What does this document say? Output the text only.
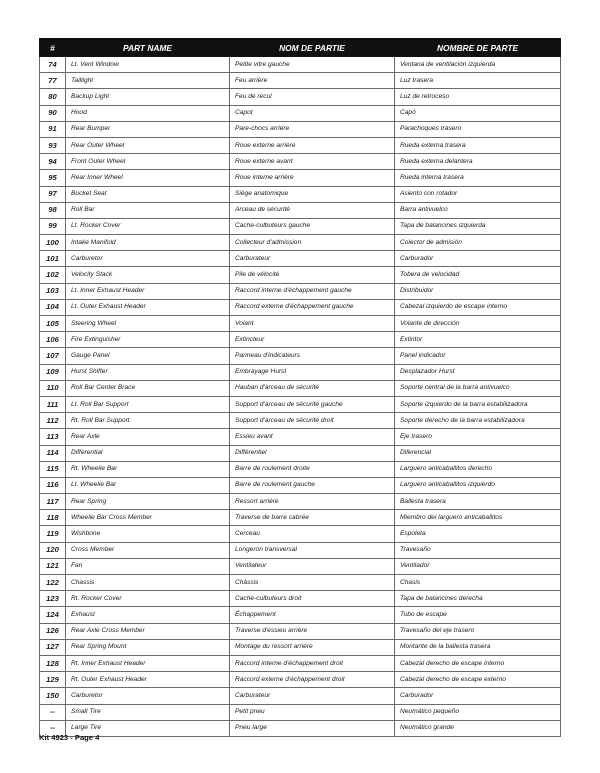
#	PART NAME	NOM DE PARTIE	NOMBRE DE PARTE
74	Lt. Vent Window	Petite vitre gauche	Ventana de ventilación izquierda
77	Taillight	Feu arrière	Luz trasera
80	Backup Light	Feu de recul	Luz de retroceso
90	Hood	Capot	Capó
91	Rear Bumper	Pare-chocs arrière	Parachoques trasero
93	Rear Outer Wheel	Roue externe arrière	Rueda externa trasera
94	Front Outer Wheel	Roue externe avant	Rueda externa delantera
95	Rear Inner Wheel	Roue interne arrière	Rueda interna trasera
97	Bucket Seat	Siège anatomique	Asiento con rotador
98	Roll Bar	Arceau de sécurité	Barra antivuelco
99	Lt. Rocker Cover	Cache-culbuteurs gauche	Tapa de balancines izquierda
100	Intake Manifold	Collecteur d'admission	Colector de admisión
101	Carburetor	Carburateur	Carburador
102	Velocity Stack	Pile de vélocité	Tobera de velocidad
103	Lt. Inner Exhaust Header	Raccord interne d'échappement gauche	Distribuidor
104	Lt. Outer Exhaust Header	Raccord externe d'échappement gauche	Cabezal izquierdo de escape interno
105	Steering Wheel	Volant	Volante de dirección
106	Fire Extinguisher	Extincteur	Extintor
107	Gauge Panel	Panneau d'indicateurs	Panel indicador
109	Hurst Shifter	Embrayage Hurst	Desplazador Hurst
110	Roll Bar Center Brace	Hauban d'arceau de sécurité	Soporte central de la barra antivuelco
111	Lt. Roll Bar Support	Support d'arceau de sécurité gauche	Soporte izquierdo de la barra estabilizadora
112	Rt. Roll Bar Support	Support d'arceau de sécurité droit	Soporte derecho de la barra estabilizadora
113	Rear Axle	Essieu avant	Eje trasero
114	Differential	Différentiel	Diferencial
115	Rt. Wheelie Bar	Barre de roulement droite	Larguero anticaballitos derecho
116	Lt. Wheelie Bar	Barre de roulement gauche	Larguero anticaballitos izquierdo
117	Rear Spring	Ressort arrière	Ballesta trasera
118	Wheelie Bar Cross Member	Traverse de barre cabrée	Miembro del larguero anticaballitos
119	Wishbone	Cerceau	Espoleta
120	Cross Member	Longeron transversal	Travesaño
121	Fan	Ventilateur	Ventilador
122	Chassis	Châssis	Chasis
123	Rt. Rocker Cover	Cache-culbuteurs droit	Tapa de balancines derecha
124	Exhaust	Échappement	Tubo de escape
126	Rear Axle Cross Member	Traverse d'essieu arrière	Travesaño del eje trasero
127	Rear Spring Mount	Montage du ressort arrière	Montante de la ballesta trasera
128	Rt. Inner Exhaust Header	Raccord interne d'échappement droit	Cabezal derecho de escape interno
129	Rt. Outer Exhaust Header	Raccord externe d'échappement droit	Cabezal derecho de escape externo
150	Carburetor	Carburateur	Carburador
--	Small Tire	Petit pneu	Neumático pequeño
--	Large Tire	Pneu large	Neumático grande
Kit 4923 - Page 4
